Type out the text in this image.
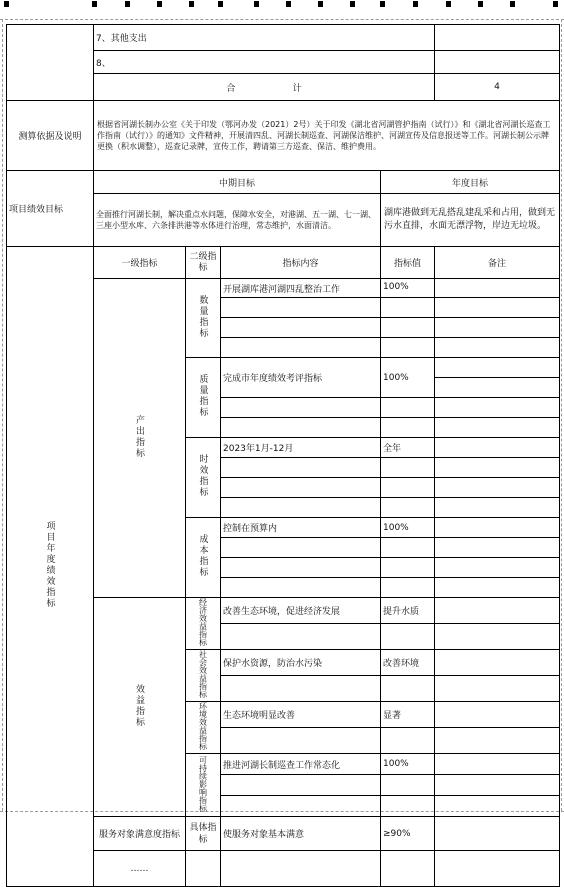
	7、其他支出				
	8、				
	合                    计				4
测算依据及说明	根据省河湖长制办公室《关于印发（鄂河办发（2021）2号）关于印发《湖北省河湖管护指南（试行）》和《湖北省河湖长巡查工作指南（试行）》的通知》文件精神，开展清四乱、河湖长制巡查、河湖保洁维护、河湖宣传及信息报送等工作。河湖长制公示牌更换（积水调整），巡查记录牌，宣传工作，聘请第三方巡查、保洁、维护费用。				
项目绩效目标	中期目标			年度目标	
	全面推行河湖长制，解决重点水问题，保障水安全，对港湖、五一湖、七一湖、三座小型水库、六条排洪港等水体进行治理，常态维护，水面清洁。			湖库港做到无乱搭乱建乱采和占用，做到无污水直排，水面无漂浮物，岸边无垃圾。	
项目年度绩效指标	一级指标	二级指标	指标内容	指标值	备注
	产出指标	数量指标	开展湖库港河湖四乱整治工作	100%	

		质量指标	完成市年度绩效考评指标	100%	

		时效指标	2023年1月-12月	全年	

		成本指标	控制在预算内	100%	

	效益指标	经济效益指标	改善生态环境，促进经济发展	提升水质	

		社会效益指标	保护水资源，防治水污染	改善环境	

		环境效益指标	生态环境明显改善	显著	

		可持续影响指标	推进河湖长制巡查工作常态化	100%	

	服务对象满意度指标	具体指标	使服务对象基本满意	≥90%	
	……				
